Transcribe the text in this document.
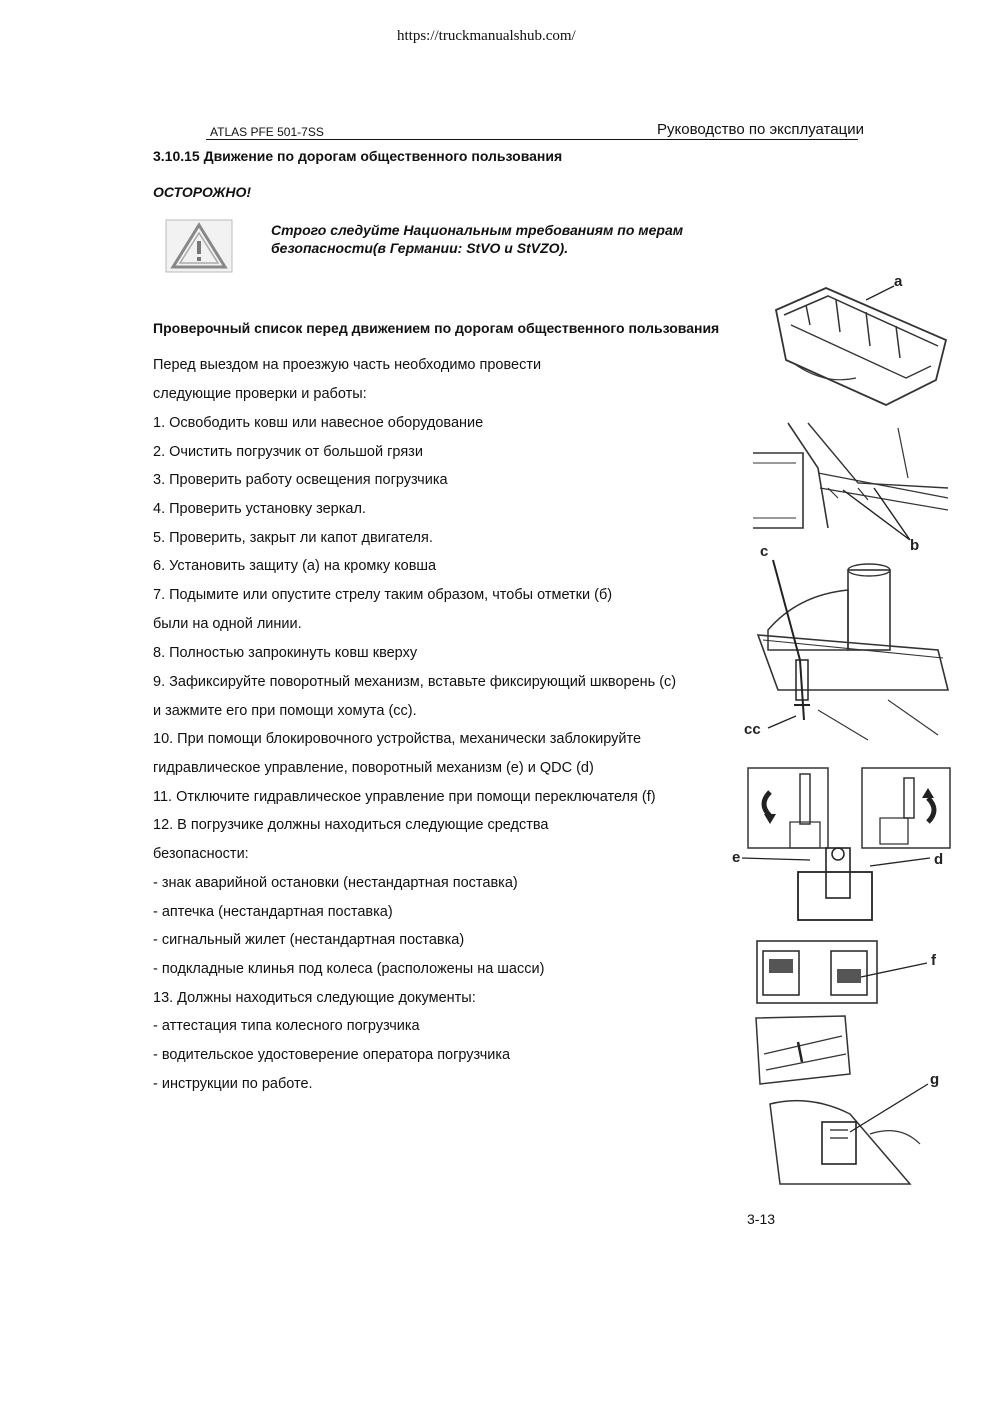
https://truckmanualshub.com/
ATLAS PFE 501-7SS	Руководство по эксплуатации
3.10.15 Движение по дорогам общественного пользования
ОСТОРОЖНО!
Строго следуйте Национальным требованиям по мерам
безопасности(в Германии: StVO и StVZO).
Проверочный список перед движением по дорогам общественного пользования
Перед выездом на проезжую часть необходимо провести
следующие проверки и работы:
1. Освободить ковш или навесное оборудование
2. Очистить погрузчик от большой грязи
3. Проверить работу освещения погрузчика
4. Проверить установку зеркал.
5. Проверить, закрыт ли капот двигателя.
6. Установить защиту (а) на кромку ковша
7. Подымите или опустите стрелу таким образом, чтобы отметки (б)
были на одной линии.
8. Полностью запрокинуть ковш кверху
9. Зафиксируйте поворотный механизм, вставьте фиксирующий шкворень (c)
и зажмите его при помощи хомута (cc).
10. При помощи блокировочного устройства, механически заблокируйте
гидравлическое управление, поворотный механизм (e) и QDC (d)
11. Отключите гидравлическое управление при помощи переключателя (f)
12. В погрузчике должны находиться следующие средства
безопасности:
- знак аварийной остановки (нестандартная поставка)
- аптечка (нестандартная поставка)
- сигнальный жилет (нестандартная поставка)
- подкладные клинья под колеса (расположены на шасси)
13. Должны находиться следующие документы:
- аттестация типа колесного погрузчика
- водительское удостоверение оператора погрузчика
- инструкции по работе.
a
b
c
cc
e	d
f
g
3-13
